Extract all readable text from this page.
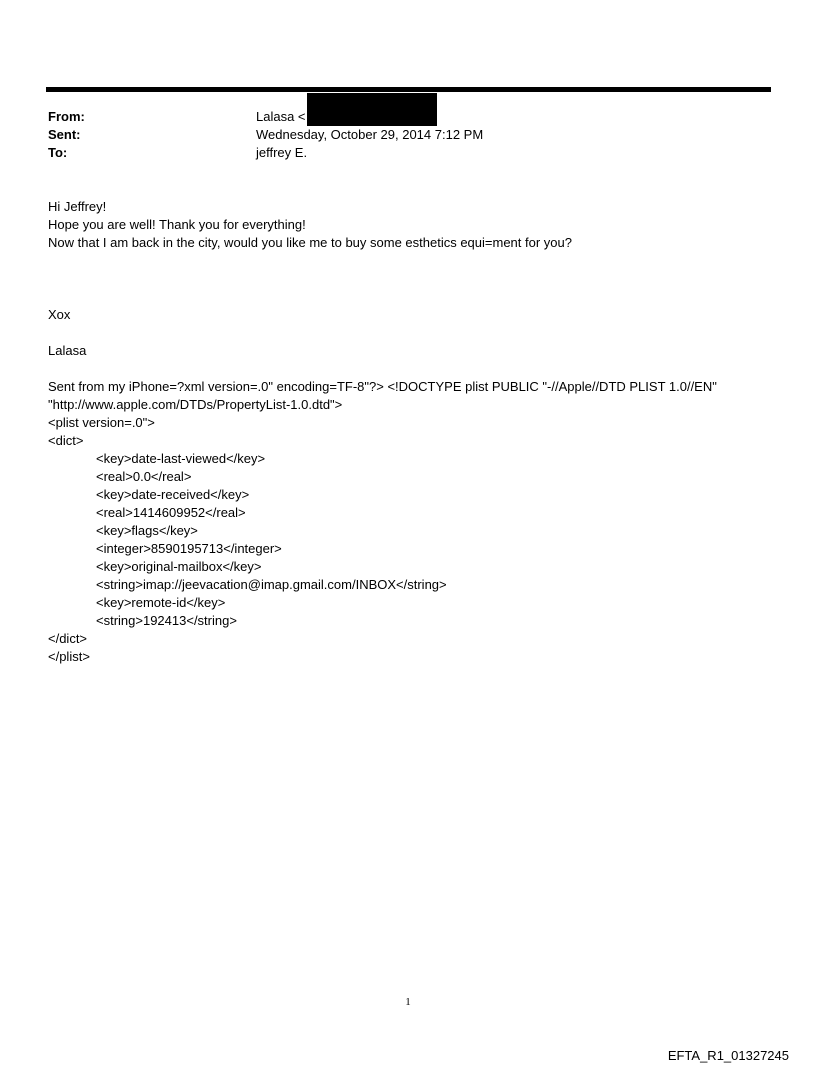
From:	Lalasa <
Sent:	Wednesday, October 29, 2014 7:12 PM
To:	jeffrey E.
Hi Jeffrey!
Hope you are well! Thank you for everything!
Now that I am back in the city, would you like me to buy some esthetics equi=ment for you?
Xox
Lalasa
Sent from my iPhone=?xml version=.0" encoding=TF-8"?> <!DOCTYPE plist PUBLIC "-//Apple//DTD PLIST 1.0//EN"
"http://www.apple.com/DTDs/PropertyList-1.0.dtd">
<plist version=.0">
<dict>
<key>date-last-viewed</key>
<real>0.0</real>
<key>date-received</key>
<real>1414609952</real>
<key>flags</key>
<integer>8590195713</integer>
<key>original-mailbox</key>
<string>imap://jeevacation@imap.gmail.com/INBOX</string>
<key>remote-id</key>
<string>192413</string>
</dict>
</plist>
1
EFTA_R1_01327245
